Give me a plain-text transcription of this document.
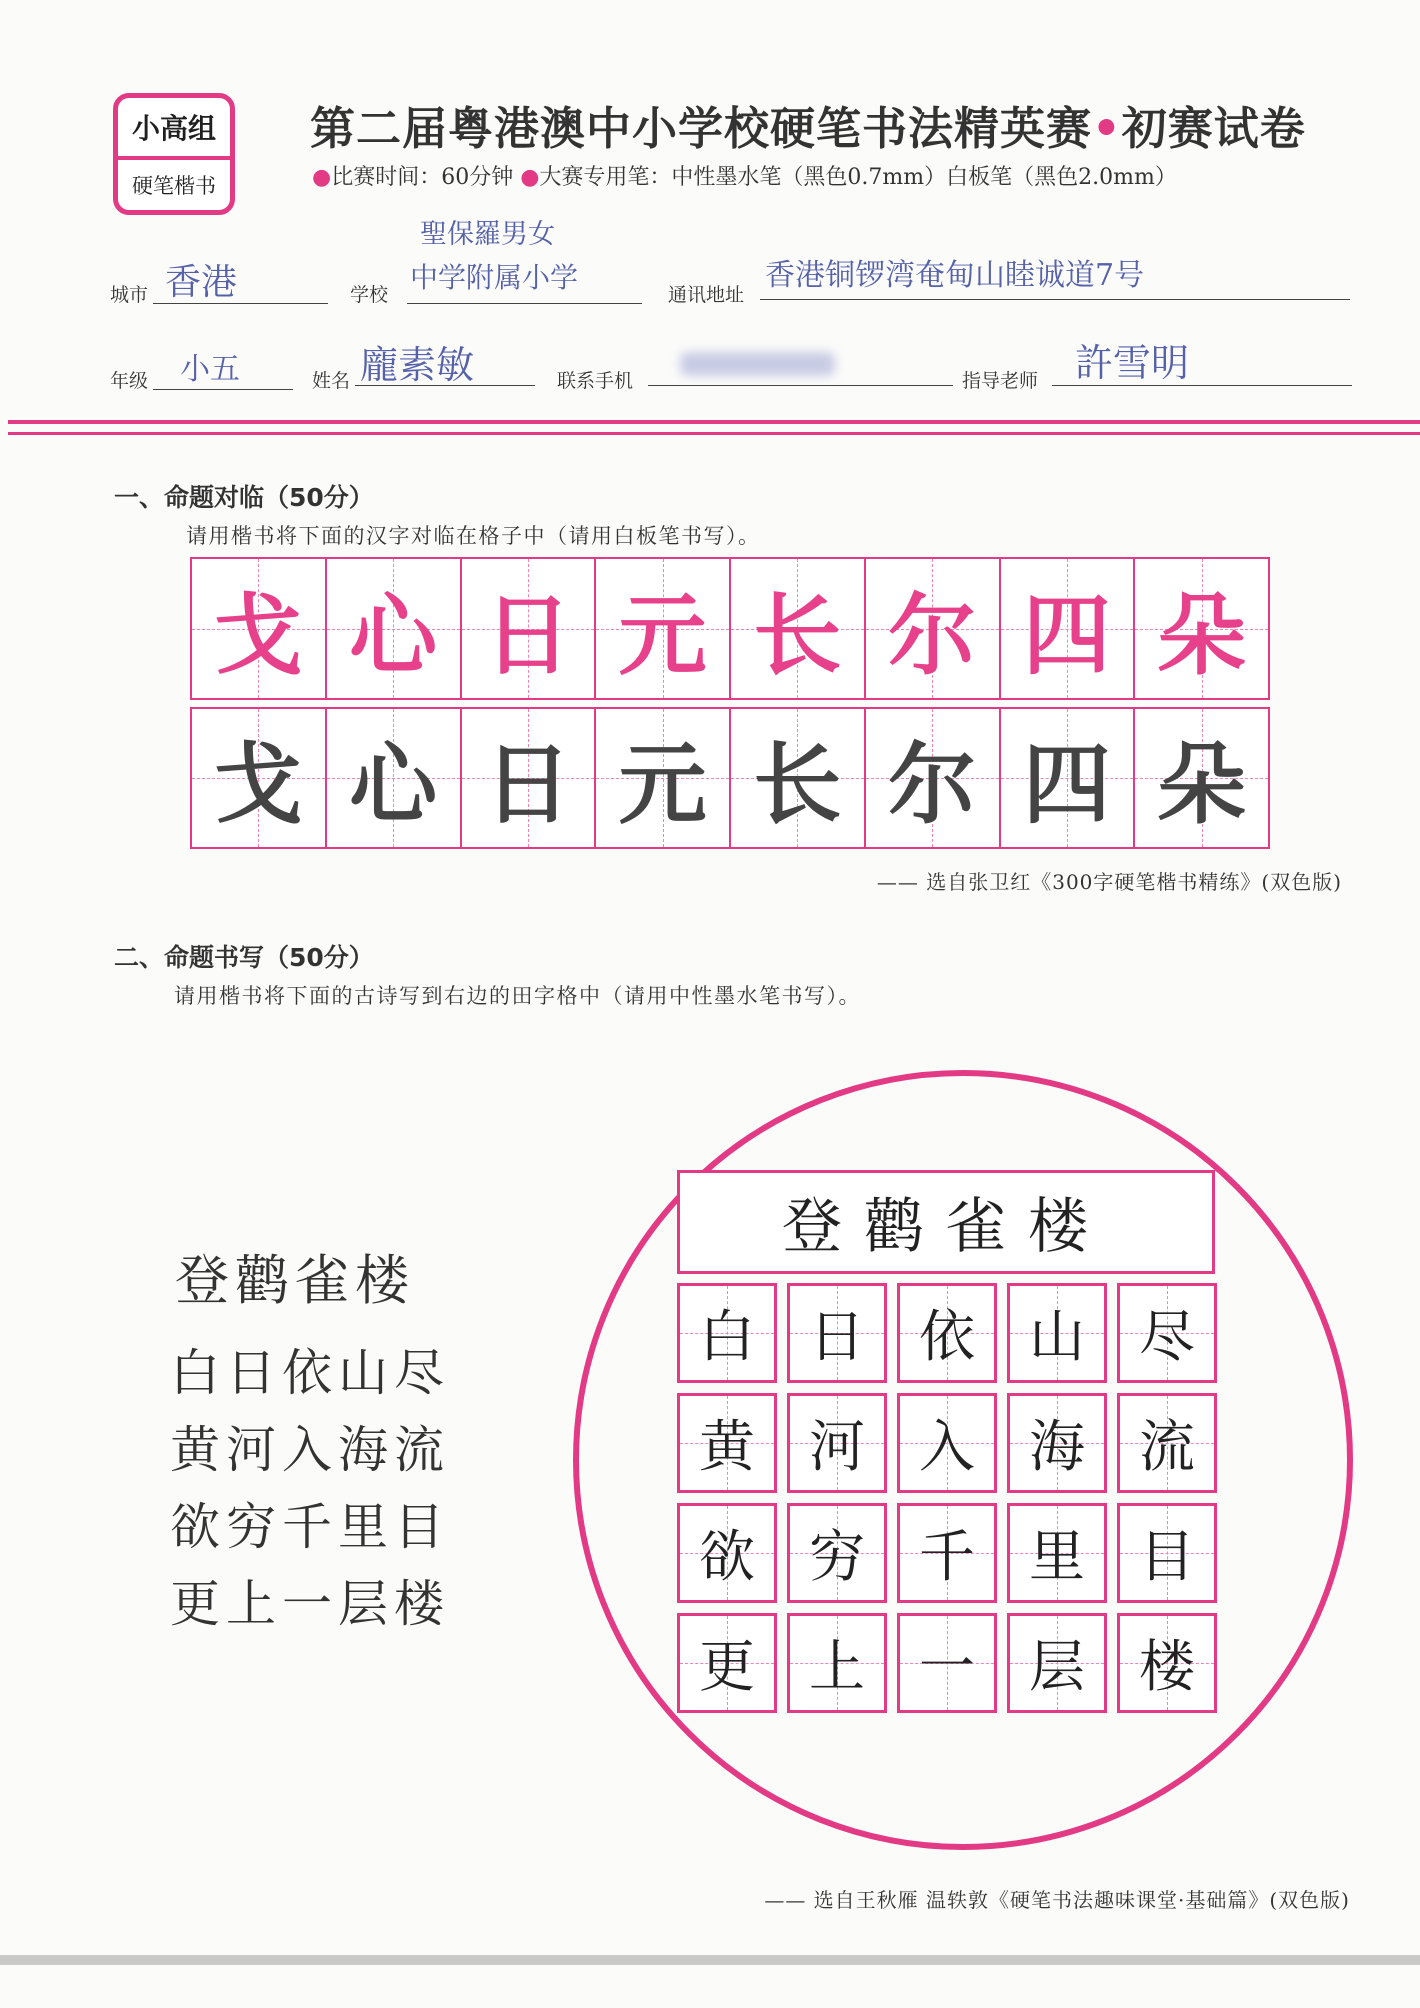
小高组
硬笔楷书
第二届粤港澳中小学校硬笔书法精英赛•初赛试卷
●比赛时间：60分钟 ●大赛专用笔：中性墨水笔（黑色0.7mm）白板笔（黑色2.0mm）
城市 香港	学校
聖保羅男女
中学附属小学
通讯地址
香港铜锣湾奄甸山睦诚道7号
年级 小五	姓名 龐素敏	联系手机	指导老师 許雪明
一、命题对临（50分）
请用楷书将下面的汉字对临在格子中（请用白板笔书写）。
戈 心 日 元 长 尔 四 朵
戈 心 日 元 长 尔 四 朵
—— 选自张卫红《300字硬笔楷书精练》(双色版)
二、命题书写（50分）
请用楷书将下面的古诗写到右边的田字格中（请用中性墨水笔书写）。
登鹳雀楼
白日依山尽
黄河入海流
欲穷千里目
更上一层楼
登鹳雀楼
白 日 依 山 尽
黄 河 入 海 流
欲 穷 千 里 目
更 上 一 层 楼
—— 选自王秋雁 温轶敦《硬笔书法趣味课堂·基础篇》(双色版)
